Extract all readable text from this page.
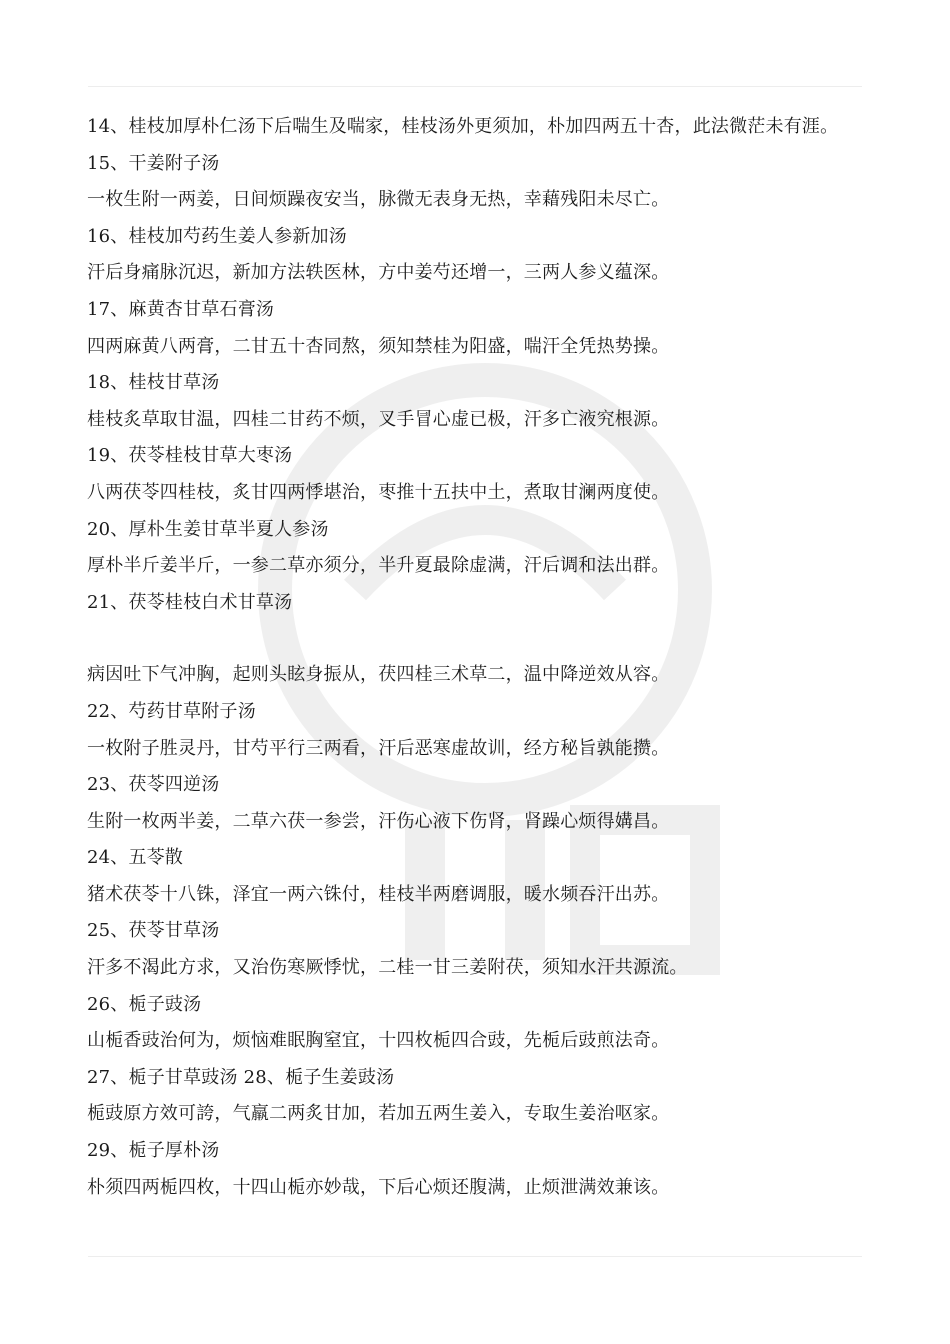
14、桂枝加厚朴仁汤下后喘生及喘家，桂枝汤外更须加，朴加四两五十杏，此法微茫未有涯。

15、干姜附子汤

一枚生附一两姜，日间烦躁夜安当，脉微无表身无热，幸藉残阳未尽亡。

16、桂枝加芍药生姜人参新加汤

汗后身痛脉沉迟，新加方法轶医林，方中姜芍还增一，三两人参义蕴深。

17、麻黄杏甘草石膏汤

四两麻黄八两膏，二甘五十杏同熬，须知禁桂为阳盛，喘汗全凭热势操。

18、桂枝甘草汤

桂枝炙草取甘温，四桂二甘药不烦，叉手冒心虚已极，汗多亡液究根源。

19、茯苓桂枝甘草大枣汤

八两茯苓四桂枝，炙甘四两悸堪治，枣推十五扶中土，煮取甘澜两度使。

20、厚朴生姜甘草半夏人参汤

厚朴半斤姜半斤，一参二草亦须分，半升夏最除虚满，汗后调和法出群。

21、茯苓桂枝白术甘草汤

病因吐下气冲胸，起则头眩身振从，茯四桂三术草二，温中降逆效从容。

22、芍药甘草附子汤

一枚附子胜灵丹，甘芍平行三两看，汗后恶寒虚故训，经方秘旨孰能攒。

23、茯苓四逆汤

生附一枚两半姜，二草六茯一参尝，汗伤心液下伤肾，肾躁心烦得媾昌。

24、五苓散

猪术茯苓十八铢，泽宜一两六铢付，桂枝半两磨调服，暖水频吞汗出苏。

25、茯苓甘草汤

汗多不渴此方求，又治伤寒厥悸忧，二桂一甘三姜附茯，须知水汗共源流。

26、栀子豉汤

山栀香豉治何为，烦恼难眠胸窒宜，十四枚栀四合豉，先栀后豉煎法奇。

27、栀子甘草豉汤 28、栀子生姜豉汤

栀豉原方效可誇，气羸二两炙甘加，若加五两生姜入，专取生姜治呕家。

29、栀子厚朴汤

朴须四两栀四枚，十四山栀亦妙哉，下后心烦还腹满，止烦泄满效兼该。
